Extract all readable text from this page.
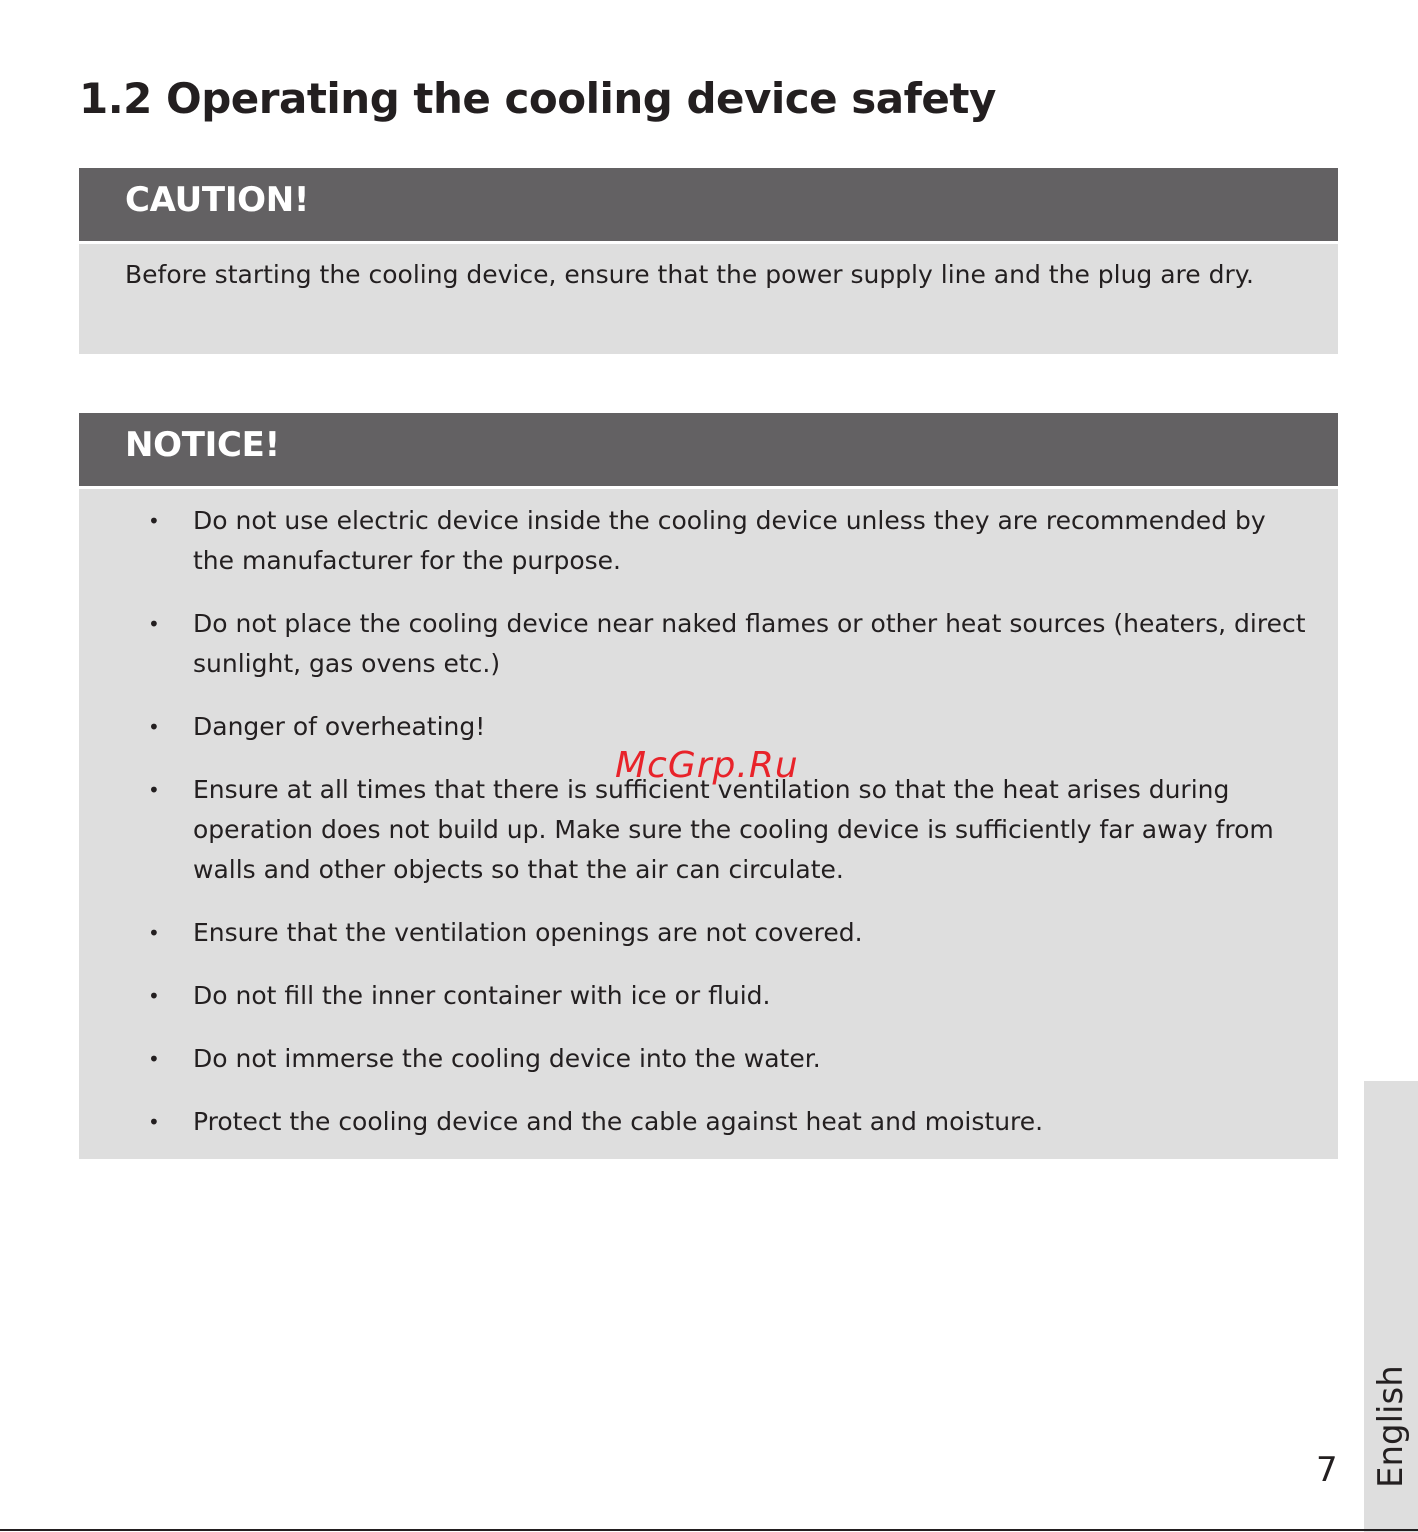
1.2 Operating the cooling device safety
CAUTION!

Before starting the cooling device, ensure that the power supply line and the plug are dry.

NOTICE!
• Do not use electric device inside the cooling device unless they are recommended by the manufacturer for the purpose.
• Do not place the cooling device near naked flames or other heat sources (heaters, direct sunlight, gas ovens etc.)
• Danger of overheating!
• Ensure at all times that there is sufficient ventilation so that the heat arises during operation does not build up. Make sure the cooling device is sufficiently far away from walls and other objects so that the air can circulate.
• Ensure that the ventilation openings are not covered.
• Do not fill the inner container with ice or fluid.
• Do not immerse the cooling device into the water.
• Protect the cooling device and the cable against heat and moisture.
McGrp.Ru
English
7
